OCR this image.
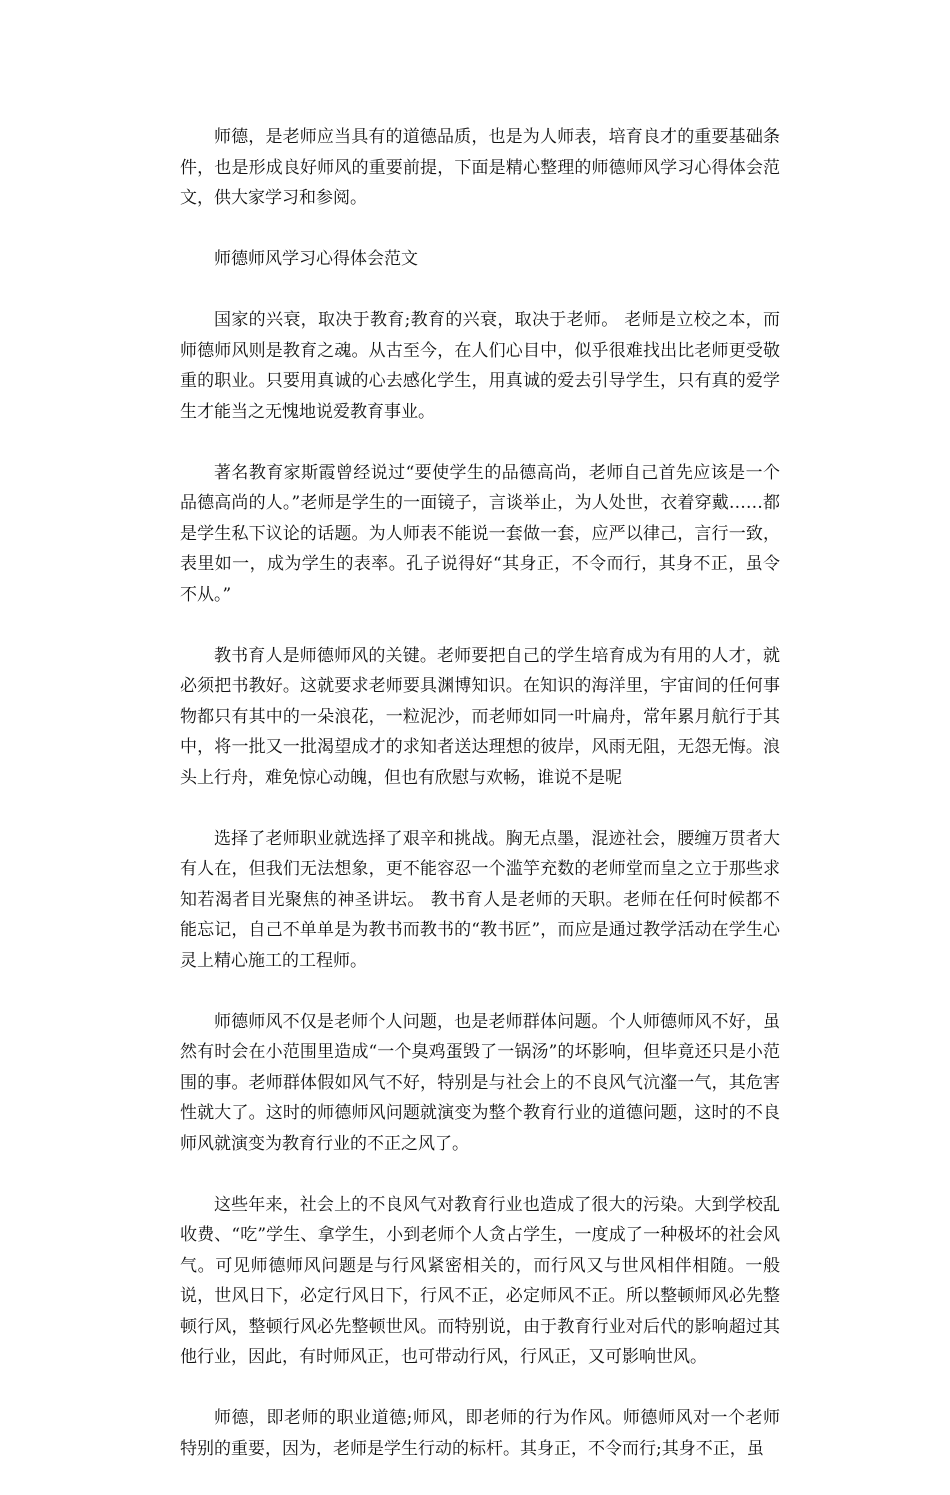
师德，是老师应当具有的道德品质，也是为人师表，培育良才的重要基础条件，也是形成良好师风的重要前提，下面是精心整理的师德师风学习心得体会范文，供大家学习和参阅。

师德师风学习心得体会范文

国家的兴衰，取决于教育;教育的兴衰，取决于老师。 老师是立校之本，而师德师风则是教育之魂。从古至今，在人们心目中，似乎很难找出比老师更受敬重的职业。只要用真诚的心去感化学生，用真诚的爱去引导学生，只有真的爱学生才能当之无愧地说爱教育事业。

著名教育家斯霞曾经说过“要使学生的品德高尚，老师自己首先应该是一个品德高尚的人。”老师是学生的一面镜子，言谈举止，为人处世，衣着穿戴……都是学生私下议论的话题。为人师表不能说一套做一套，应严以律己，言行一致，表里如一，成为学生的表率。孔子说得好“其身正，不令而行，其身不正，虽令不从。”

教书育人是师德师风的关键。老师要把自己的学生培育成为有用的人才，就必须把书教好。这就要求老师要具渊博知识。在知识的海洋里，宇宙间的任何事物都只有其中的一朵浪花，一粒泥沙，而老师如同一叶扁舟，常年累月航行于其中，将一批又一批渴望成才的求知者送达理想的彼岸，风雨无阻，无怨无悔。浪头上行舟，难免惊心动魄，但也有欣慰与欢畅，谁说不是呢

选择了老师职业就选择了艰辛和挑战。胸无点墨，混迹社会，腰缠万贯者大有人在，但我们无法想象，更不能容忍一个滥竽充数的老师堂而皇之立于那些求知若渴者目光聚焦的神圣讲坛。 教书育人是老师的天职。老师在任何时候都不能忘记，自己不单单是为教书而教书的“教书匠”，而应是通过教学活动在学生心灵上精心施工的工程师。

师德师风不仅是老师个人问题，也是老师群体问题。个人师德师风不好，虽然有时会在小范围里造成“一个臭鸡蛋毁了一锅汤”的坏影响，但毕竟还只是小范围的事。老师群体假如风气不好，特别是与社会上的不良风气沆瀣一气，其危害性就大了。这时的师德师风问题就演变为整个教育行业的道德问题，这时的不良师风就演变为教育行业的不正之风了。

这些年来，社会上的不良风气对教育行业也造成了很大的污染。大到学校乱收费、“吃”学生、拿学生，小到老师个人贪占学生，一度成了一种极坏的社会风气。可见师德师风问题是与行风紧密相关的，而行风又与世风相伴相随。一般说，世风日下，必定行风日下，行风不正，必定师风不正。所以整顿师风必先整顿行风，整顿行风必先整顿世风。而特别说，由于教育行业对后代的影响超过其他行业，因此，有时师风正，也可带动行风，行风正，又可影响世风。

师德，即老师的职业道德;师风，即老师的行为作风。师德师风对一个老师特别的重要，因为，老师是学生行动的标杆。其身正，不令而行;其身不正，虽
